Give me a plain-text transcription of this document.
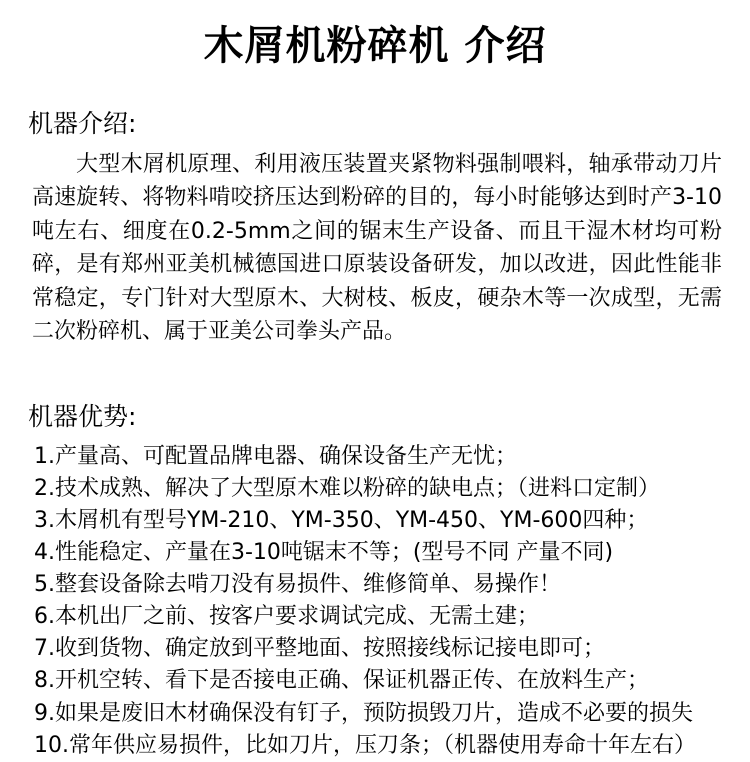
木屑机粉碎机 介绍
机器介绍:

大型木屑机原理、利用液压装置夹紧物料强制喂料，轴承带动刀片高速旋转、将物料啃咬挤压达到粉碎的目的，每小时能够达到时产3-10吨左右、细度在0.2-5mm之间的锯末生产设备、而且干湿木材均可粉碎，是有郑州亚美机械德国进口原装设备研发，加以改进，因此性能非常稳定，专门针对大型原木、大树枝、板皮，硬杂木等一次成型，无需二次粉碎机、属于亚美公司拳头产品。

机器优势:
1.产量高、可配置品牌电器、确保设备生产无忧；
2.技术成熟、解决了大型原木难以粉碎的缺电点；（进料口定制）
3.木屑机有型号YM-210、YM-350、YM-450、YM-600四种；
4.性能稳定、产量在3-10吨锯末不等；(型号不同 产量不同)
5.整套设备除去啃刀没有易损件、维修简单、易操作！
6.本机出厂之前、按客户要求调试完成、无需土建；
7.收到货物、确定放到平整地面、按照接线标记接电即可；
8.开机空转、看下是否接电正确、保证机器正传、在放料生产；
9.如果是废旧木材确保没有钉子，预防损毁刀片，造成不必要的损失
10.常年供应易损件，比如刀片，压刀条；（机器使用寿命十年左右）
